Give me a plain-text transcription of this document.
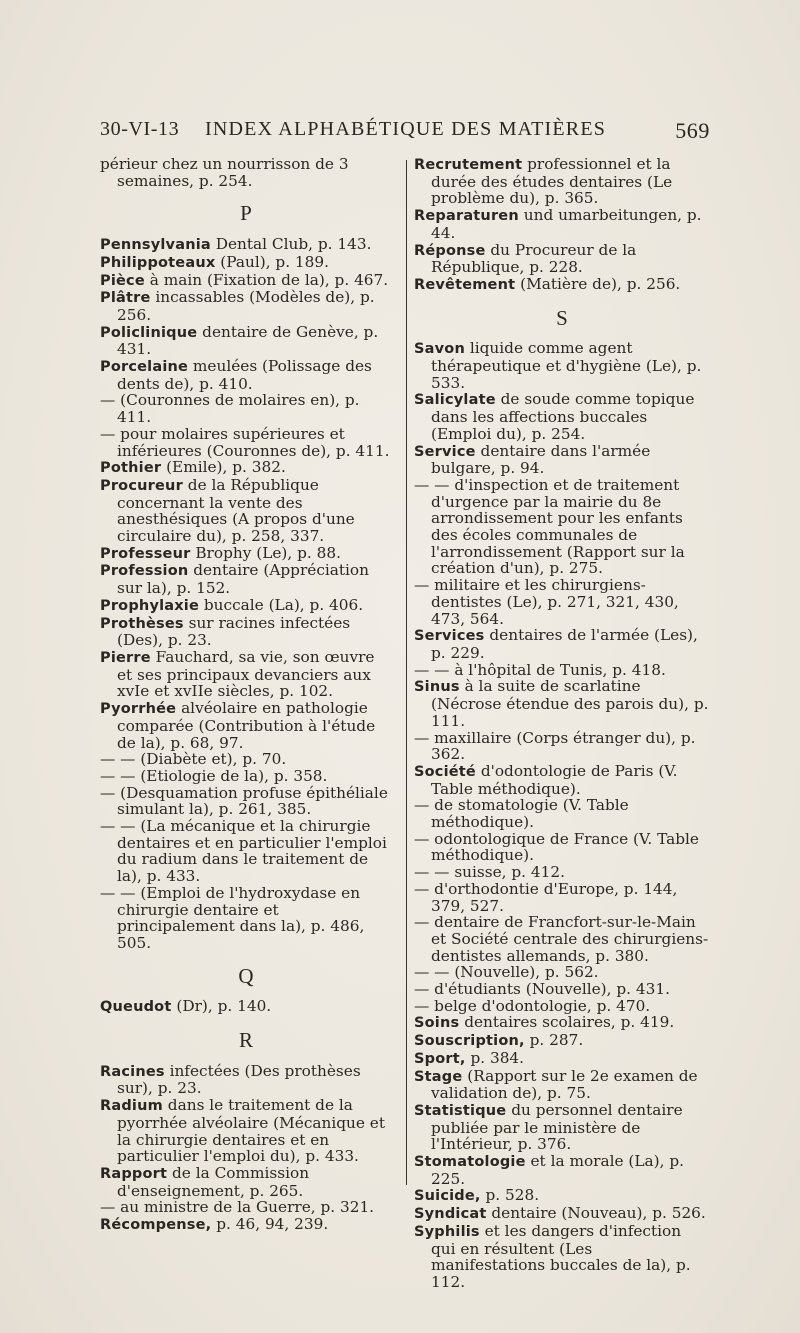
30-VI-13 INDEX ALPHABÉTIQUE DES MATIÈRES	569

périeur chez un nourrisson de 3 semaines, p. 254.

P

Pennsylvania Dental Club, p. 143.

Philippoteaux (Paul), p. 189.

Pièce à main (Fixation de la), p. 467.

Plâtre incassables (Modèles de), p. 256.

Policlinique dentaire de Genève, p. 431.

Porcelaine meulées (Polissage des dents de), p. 410.

— (Couronnes de molaires en), p. 411.

— pour molaires supérieures et inférieures (Couronnes de), p. 411.

Pothier (Emile), p. 382.

Procureur de la République concernant la vente des anesthésiques (A propos d'une circulaire du), p. 258, 337.

Professeur Brophy (Le), p. 88.

Profession dentaire (Appréciation sur la), p. 152.

Prophylaxie buccale (La), p. 406.

Prothèses sur racines infectées (Des), p. 23.

Pierre Fauchard, sa vie, son œuvre et ses principaux devanciers aux xvIe et xvIIe siècles, p. 102.

Pyorrhée alvéolaire en pathologie comparée (Contribution à l'étude de la), p. 68, 97.

— — (Diabète et), p. 70.

— — (Etiologie de la), p. 358.

— (Desquamation profuse épithéliale simulant la), p. 261, 385.

— — (La mécanique et la chirurgie dentaires et en particulier l'emploi du radium dans le traitement de la), p. 433.

— — (Emploi de l'hydroxydase en chirurgie dentaire et principalement dans la), p. 486, 505.

Q

Queudot (Dr), p. 140.

R

Racines infectées (Des prothèses sur), p. 23.

Radium dans le traitement de la pyorrhée alvéolaire (Mécanique et la chirurgie dentaires et en particulier l'emploi du), p. 433.

Rapport de la Commission d'enseignement, p. 265.

— au ministre de la Guerre, p. 321.

Récompense, p. 46, 94, 239.

Recrutement professionnel et la durée des études dentaires (Le problème du), p. 365.

Reparaturen und umarbeitungen, p. 44.

Réponse du Procureur de la République, p. 228.

Revêtement (Matière de), p. 256.

S

Savon liquide comme agent thérapeutique et d'hygiène (Le), p. 533.

Salicylate de soude comme topique dans les affections buccales (Emploi du), p. 254.

Service dentaire dans l'armée bulgare, p. 94.

— — d'inspection et de traitement d'urgence par la mairie du 8e arrondissement pour les enfants des écoles communales de l'arrondissement (Rapport sur la création d'un), p. 275.

— militaire et les chirurgiens-dentistes (Le), p. 271, 321, 430, 473, 564.

Services dentaires de l'armée (Les), p. 229.

— — à l'hôpital de Tunis, p. 418.

Sinus à la suite de scarlatine (Nécrose étendue des parois du), p. 111.

— maxillaire (Corps étranger du), p. 362.

Société d'odontologie de Paris (V. Table méthodique).

— de stomatologie (V. Table méthodique).

— odontologique de France (V. Table méthodique).

— — suisse, p. 412.

— d'orthodontie d'Europe, p. 144, 379, 527.

— dentaire de Francfort-sur-le-Main et Société centrale des chirurgiens-dentistes allemands, p. 380.

— — (Nouvelle), p. 562.

— d'étudiants (Nouvelle), p. 431.

— belge d'odontologie, p. 470.

Soins dentaires scolaires, p. 419.

Souscription, p. 287.

Sport, p. 384.

Stage (Rapport sur le 2e examen de validation de), p. 75.

Statistique du personnel dentaire publiée par le ministère de l'Intérieur, p. 376.

Stomatologie et la morale (La), p. 225.

Suicide, p. 528.

Syndicat dentaire (Nouveau), p. 526.

Syphilis et les dangers d'infection qui en résultent (Les manifestations buccales de la), p. 112.
